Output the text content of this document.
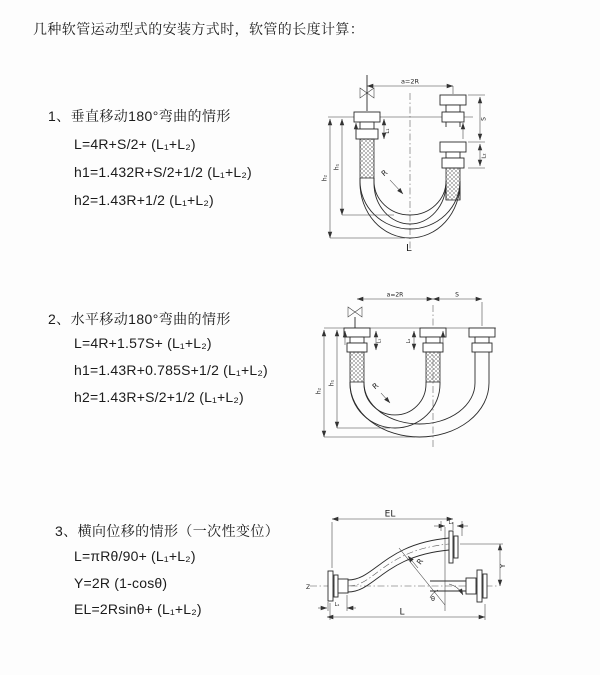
几种软管运动型式的安装方式时，软管的长度计算：
1、垂直移动180°弯曲的情形
L=4R+S/2+ (L₁+L₂)
h1=1.432R+S/2+1/2 (L₁+L₂)
h2=1.43R+1/2 (L₁+L₂)
2、水平移动180°弯曲的情形
L=4R+1.57S+ (L₁+L₂)
h1=1.43R+0.785S+1/2 (L₁+L₂)
h2=1.43R+S/2+1/2 (L₁+L₂)
3、横向位移的情形（一次性变位）
L=πRθ/90+ (L₁+L₂)
Y=2R (1-cosθ)
EL=2Rsinθ+ (L₁+L₂)
a=2R
L₁
h₁
h₂
S
L₂
R
L
a=2R	S
L₁	L₂
h₁
h₂	R
Z
EL
L₂
θ
R	Y
L₁
L
